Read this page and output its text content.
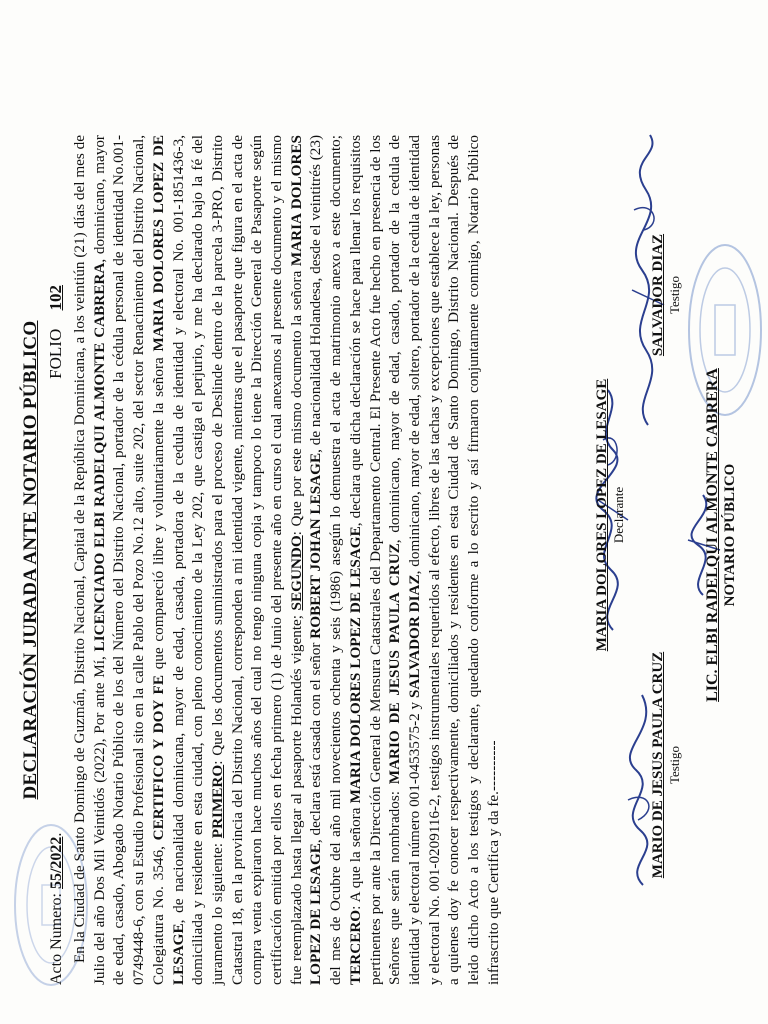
DECLARACIÓN JURADA ANTE NOTARIO PÚBLICO FOLIO 102
Acto Numero: 55/2022. En la Ciudad de Santo Domingo de Guzmán, Distrito Nacional, Capital de la República Dominicana, a los veintiún (21) días del mes de Julio del año Dos Mil Veintidós (2022), Por ante Mí, LICENCIADO ELBI RADELQUI ALMONTE CABRERA, dominicano, mayor de edad, casado, Abogado Notario Público de los del Número del Distrito Nacional, portador de la cédula personal de identidad No.001-0749448-6, con su Estudio Profesional sito en la calle Pablo del Pozo No.12 alto, suite 202, del sector Renacimiento del Distrito Nacional, Colegiatura No. 3546, CERTIFICO Y DOY FE que compareció libre y voluntariamente la señora MARIA DOLORES LOPEZ DE LESAGE, de nacionalidad dominicana, mayor de edad, casada, portadora de la cedula de identidad y electoral No. 001-1851436-3, domiciliada y residente en esta ciudad, con pleno conocimiento de la Ley 202, que castiga el perjurio, y me ha declarado bajo la fé del juramento lo siguiente: PRIMERO: Que los documentos suministrados para el proceso de Deslinde dentro de la parcela 3-PRO, Distrito Catastral 18, en la provincia del Distrito Nacional, corresponden a mi identidad vigente, mientras que el pasaporte que figura en el acta de compra venta expiraron hace muchos años del cual no tengo ninguna copia y tampoco lo tiene la Dirección General de Pasaporte según certificación emitida por ellos en fecha primero (1) de Junio del presente año en curso el cual anexamos al presente documento y el mismo fue reemplazado hasta llegar al pasaporte Holandés vigente; SEGUNDO: Que por este mismo documento la señora MARIA DOLORES LOPEZ DE LESAGE, declara está casada con el señor ROBERT JOHAN LESAGE, de nacionalidad Holandesa, desde el veintitrés (23) del mes de Ocubre del año mil novecientos ochenta y seis (1986) asegún lo demuestra el acta de matrimonio anexo a este documento; TERCERO: A que la señora MARIA DOLORES LOPEZ DE LESAGE, declara que dicha declaración se hace para llenar los requisitos pertinentes por ante la Dirección General de Mensura Catastrales del Departamento Central. El Presente Acto fue hecho en presencia de los Señores que serán nombrados: MARIO DE JESUS PAULA CRUZ, dominicano, mayor de edad, casado, portador de la cedula de identidad y electoral número 001-0453575-2 y SALVADOR DIAZ, dominicano, mayor de edad, soltero, portador de la cedula de identidad y electoral No. 001-0209116-2, testigos instrumentales requeridos al efecto, libres de las tachas y excepciones que establece la ley, personas a quienes doy fe conocer respectivamente, domiciliados y residentes en esta Ciudad de Santo Domingo, Distrito Nacional. Después de leido dicho Acto a los testigos y declarante, quedando conforme a lo escrito y así firmaron conjuntamente conmigo, Notario Público infrascrito que Certifica y da fe.----------

MARIA DOLORES LOPEZ DE LESAGE Declarante
MARIO DE JESUS PAULA CRUZ Testigo
SALVADOR DIAZ Testigo
LIC. ELBI RADELQUI ALMONTE CABRERA NOTARIO PÚBLICO
